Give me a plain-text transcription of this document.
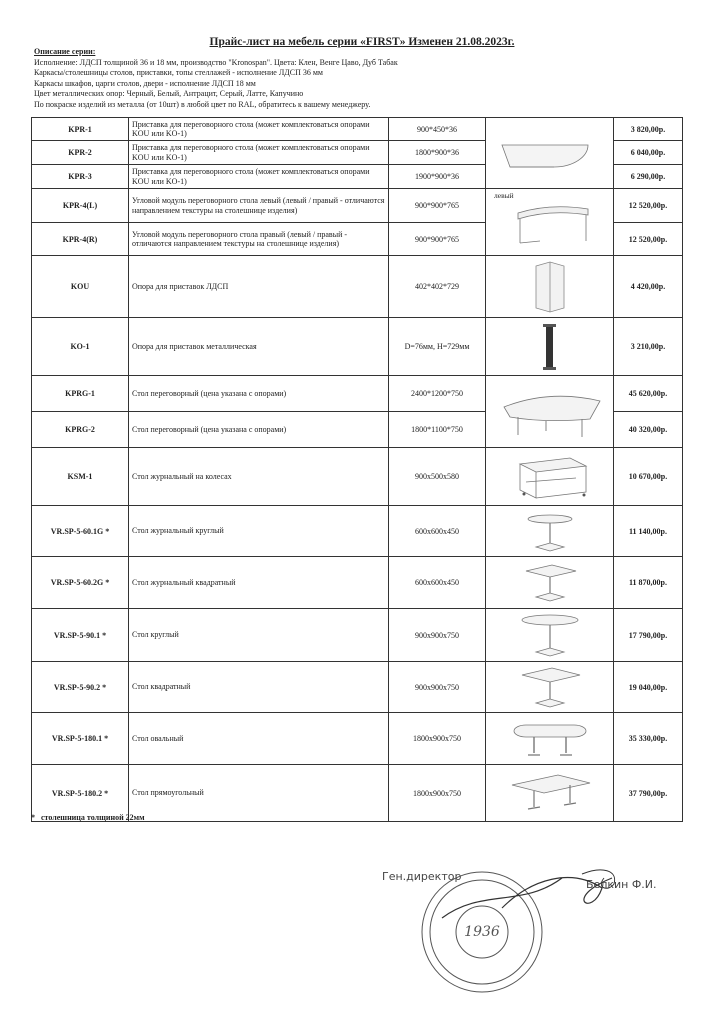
Прайс-лист на мебель серии «FIRST» Изменен 21.08.2023г.
Описание серии:
Исполнение: ЛДСП толщиной 36 и 18 мм, производство "Kronospan". Цвета: Клен, Венге Цаво, Дуб Табак
Каркасы/столешницы столов, приставки, топы стеллажей - исполнение ЛДСП 36 мм
Каркасы шкафов, царги столов, двери - исполнение ЛДСП 18 мм
Цвет металлических опор: Черный, Белый, Антрацит, Серый, Латте, Капучино
По покраске изделий из металла (от 10шт) в любой цвет по RAL, обратитесь к вашему менеджеру.
KPR-1	Приставка для переговорного стола (может комплектоваться опорами KOU или KO-1)	900*450*36		3 820,00р.
KPR-2	Приставка для переговорного стола (может комплектоваться опорами KOU или KO-1)	1800*900*36		6 040,00р.
KPR-3	Приставка для переговорного стола (может комплектоваться опорами KOU или KO-1)	1900*900*36		6 290,00р.
KPR-4(L)	Угловой модуль переговорного стола левый (левый / правый - отличаются направлением текстуры на столешнице изделия)	900*900*765	левый	12 520,00р.
KPR-4(R)	Угловой модуль переговорного стола правый (левый / правый - отличаются направлением текстуры на столешнице изделия)	900*900*765		12 520,00р.
KOU	Опора для приставок ЛДСП	402*402*729		4 420,00р.
KO-1	Опора для приставок металлическая	D=76мм, H=729мм		3 210,00р.
KPRG-1	Стол переговорный (цена указана с опорами)	2400*1200*750		45 620,00р.
KPRG-2	Стол переговорный (цена указана с опорами)	1800*1100*750		40 320,00р.
KSM-1	Стол журнальный на колесах	900х500х580		10 670,00р.
VR.SP-5-60.1G *	Стол журнальный круглый	600х600х450		11 140,00р.
VR.SP-5-60.2G *	Стол журнальный квадратный	600х600х450		11 870,00р.
VR.SP-5-90.1 *	Стол круглый	900х900х750		17 790,00р.
VR.SP-5-90.2 *	Стол квадратный	900х900х750		19 040,00р.
VR.SP-5-180.1 *	Стол овальный	1800х900х750		35 330,00р.
VR.SP-5-180.2 *	Стол прямоугольный	1800х900х750		37 790,00р.
* столешница толщиной 22мм
Ген.директор
Белкин Ф.И.
1936
